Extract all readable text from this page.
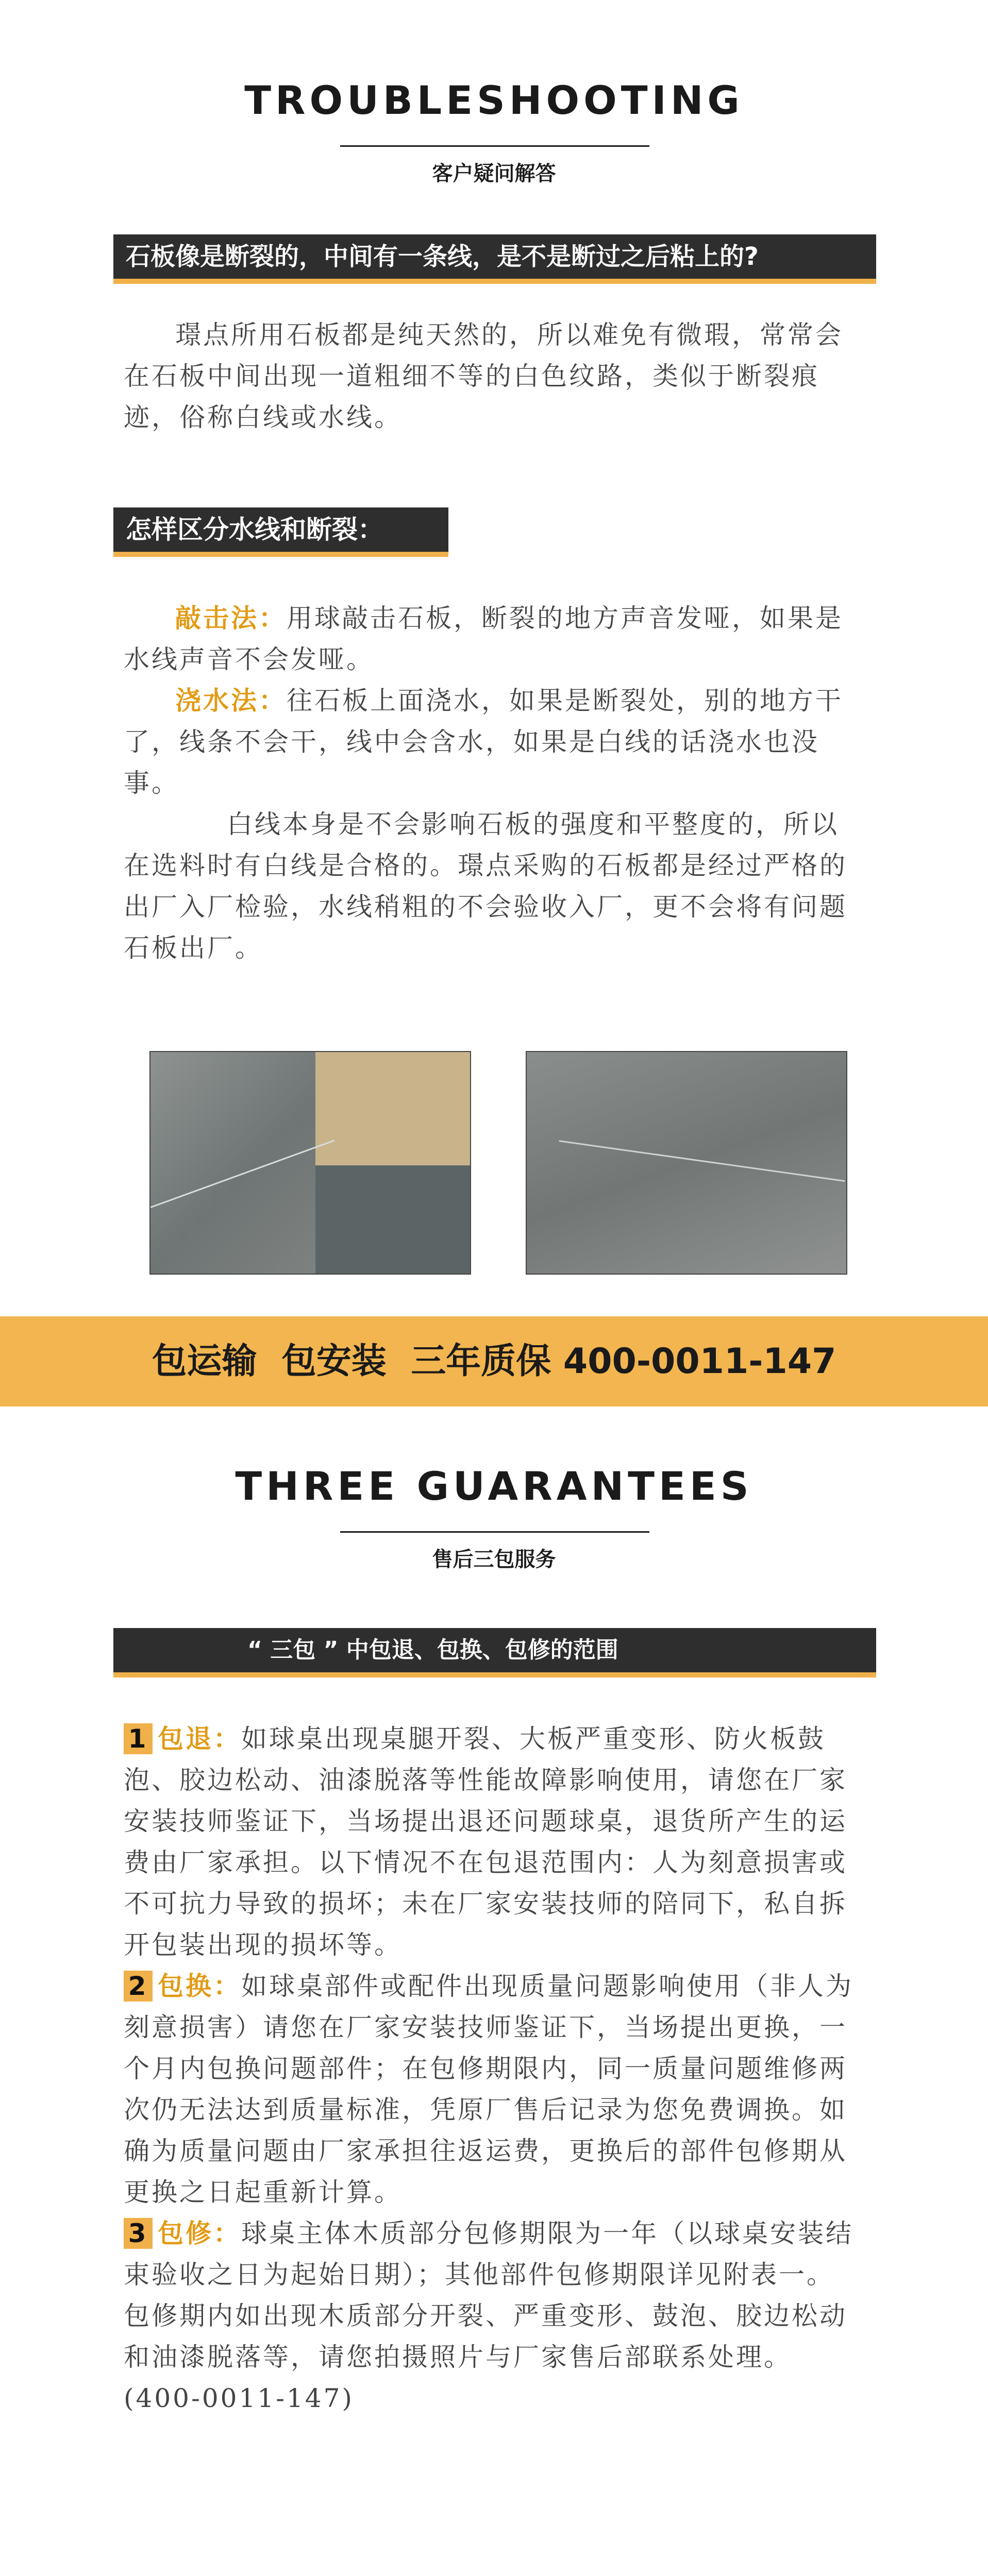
TROUBLESHOOTING
客户疑问解答
石板像是断裂的，中间有一条线，是不是断过之后粘上的?

璟点所用石板都是纯天然的，所以难免有微瑕，常常会在石板中间出现一道粗细不等的白色纹路，类似于断裂痕迹，俗称白线或水线。

怎样区分水线和断裂：

敲击法：用球敲击石板，断裂的地方声音发哑，如果是水线声音不会发哑。

浇水法：往石板上面浇水，如果是断裂处，别的地方干了，线条不会干，线中会含水，如果是白线的话浇水也没事。

白线本身是不会影响石板的强度和平整度的，所以在选料时有白线是合格的。璟点采购的石板都是经过严格的出厂入厂检验，水线稍粗的不会验收入厂，更不会将有问题石板出厂。

包运输  包安装  三年质保 400-0011-147
THREE GUARANTEES
售后三包服务
“ 三包 ” 中包退、包换、包修的范围

1 包退：如球桌出现桌腿开裂、大板严重变形、防火板鼓泡、胶边松动、油漆脱落等性能故障影响使用，请您在厂家安装技师鉴证下，当场提出退还问题球桌，退货所产生的运费由厂家承担。以下情况不在包退范围内：人为刻意损害或不可抗力导致的损坏；未在厂家安装技师的陪同下，私自拆开包装出现的损坏等。

2 包换：如球桌部件或配件出现质量问题影响使用（非人为刻意损害）请您在厂家安装技师鉴证下，当场提出更换，一个月内包换问题部件；在包修期限内，同一质量问题维修两次仍无法达到质量标准，凭原厂售后记录为您免费调换。如确为质量问题由厂家承担往返运费，更换后的部件包修期从更换之日起重新计算。

3 包修：球桌主体木质部分包修期限为一年（以球桌安装结束验收之日为起始日期）；其他部件包修期限详见附表一。包修期内如出现木质部分开裂、严重变形、鼓泡、胶边松动和油漆脱落等，请您拍摄照片与厂家售后部联系处理。(400-0011-147)
